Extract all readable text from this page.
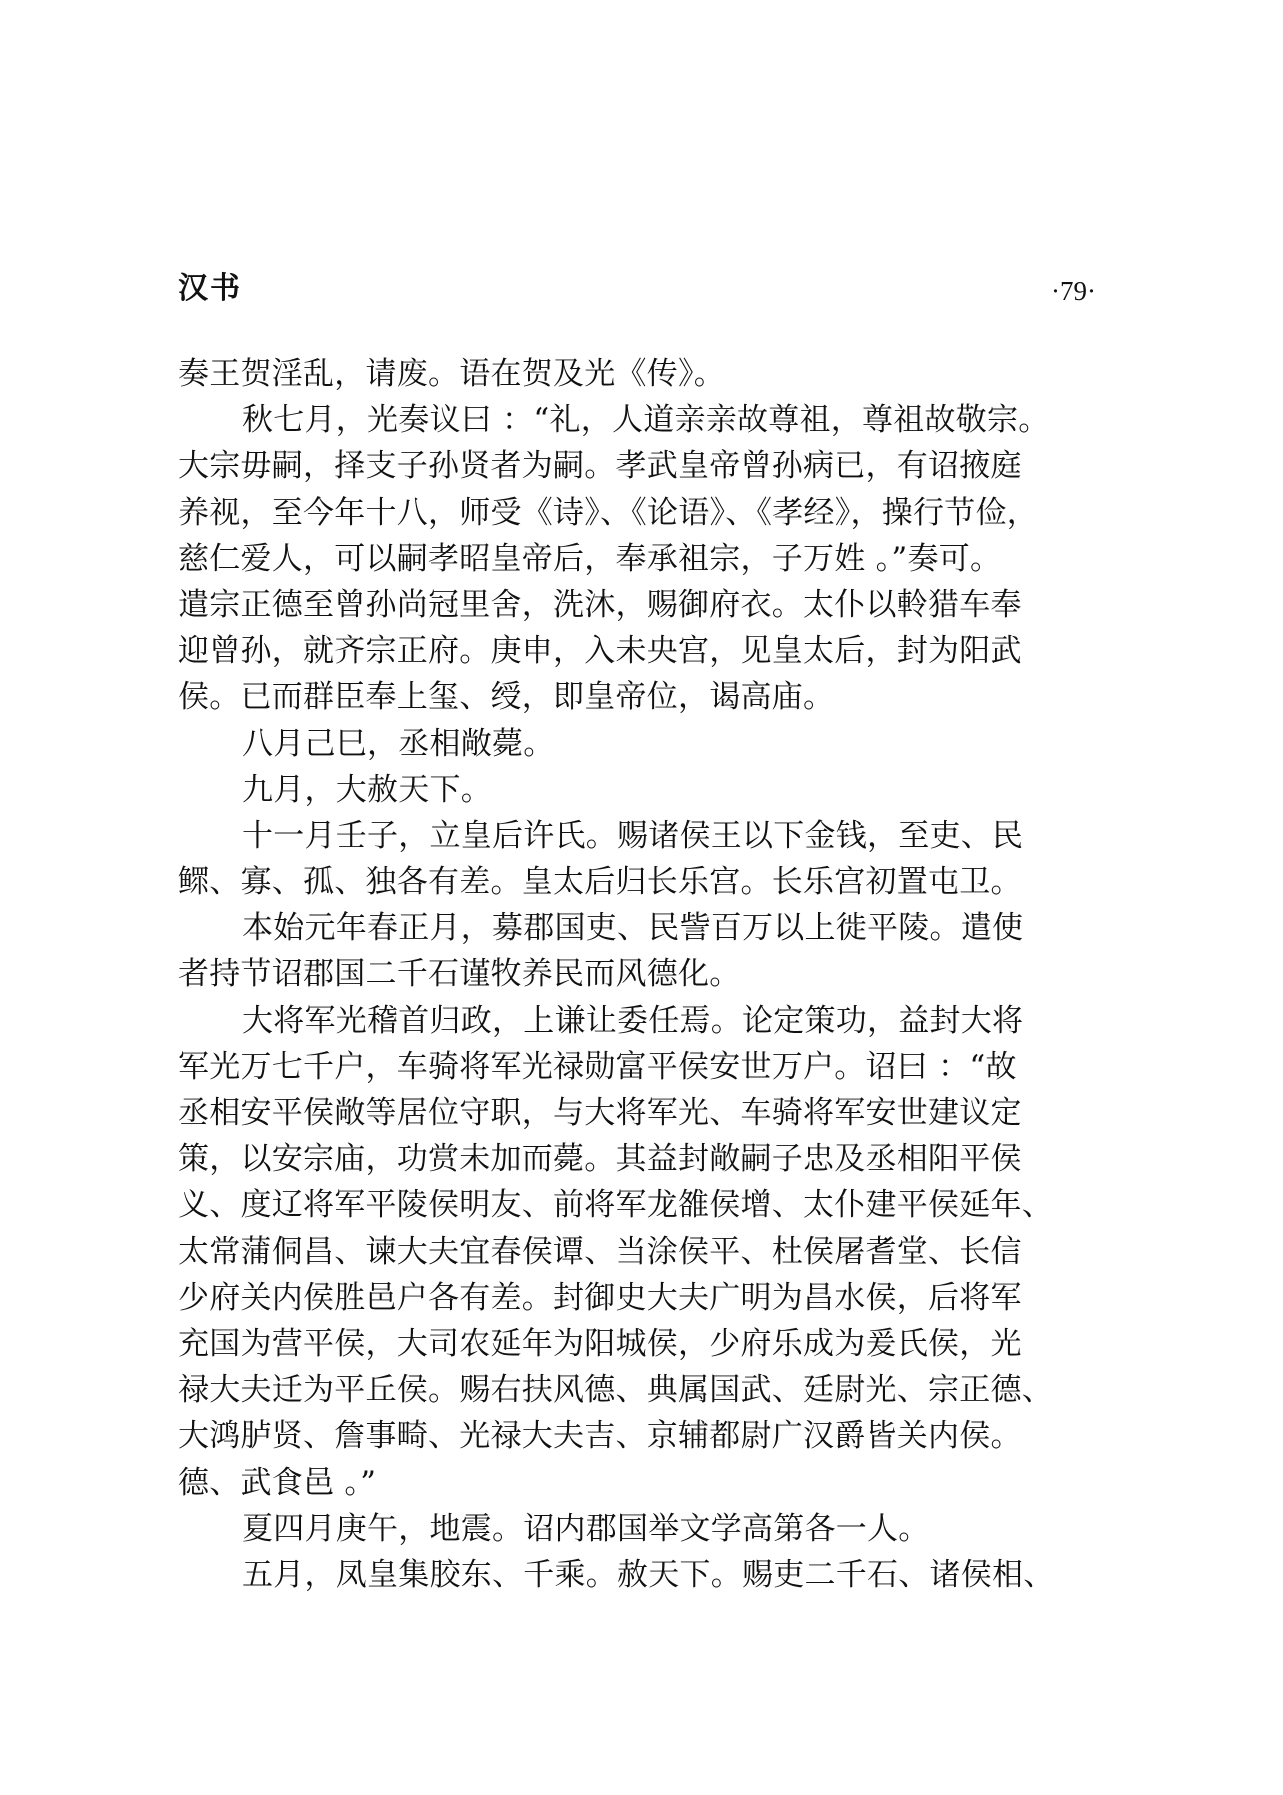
汉书	·79·

奏王贺淫乱，请废。语在贺及光《传》。

秋七月，光奏议曰 ：“礼，人道亲亲故尊祖，尊祖故敬宗。
大宗毋嗣，择支子孙贤者为嗣。孝武皇帝曾孙病已，有诏掖庭
养视，至今年十八，师受《诗》、《论语》、《孝经》，操行节俭，
慈仁爱人，可以嗣孝昭皇帝后，奉承祖宗，子万姓 。”奏可。
遣宗正德至曾孙尚冠里舍，洗沐，赐御府衣。太仆以軨猎车奉
迎曾孙，就齐宗正府。庚申，入未央宫，见皇太后，封为阳武
侯。已而群臣奉上玺、绶，即皇帝位，谒高庙。

八月己巳，丞相敞薨。

九月，大赦天下。

十一月壬子，立皇后许氏。赐诸侯王以下金钱，至吏、民
鳏、寡、孤、独各有差。皇太后归长乐宫。长乐宫初置屯卫。

本始元年春正月，募郡国吏、民訾百万以上徙平陵。遣使
者持节诏郡国二千石谨牧养民而风德化。

大将军光稽首归政，上谦让委任焉。论定策功，益封大将
军光万七千户，车骑将军光禄勋富平侯安世万户。诏曰 ：“故
丞相安平侯敞等居位守职，与大将军光、车骑将军安世建议定
策，以安宗庙，功赏未加而薨。其益封敞嗣子忠及丞相阳平侯
义、度辽将军平陵侯明友、前将军龙雒侯增、太仆建平侯延年、
太常蒲侗昌、谏大夫宜春侯谭、当涂侯平、杜侯屠耆堂、长信
少府关内侯胜邑户各有差。封御史大夫广明为昌水侯，后将军
充国为营平侯，大司农延年为阳城侯，少府乐成为爰氏侯，光
禄大夫迁为平丘侯。赐右扶风德、典属国武、廷尉光、宗正德、
大鸿胪贤、詹事畸、光禄大夫吉、京辅都尉广汉爵皆关内侯。
德、武食邑 。”

夏四月庚午，地震。诏内郡国举文学高第各一人。

五月，凤皇集胶东、千乘。赦天下。赐吏二千石、诸侯相、
